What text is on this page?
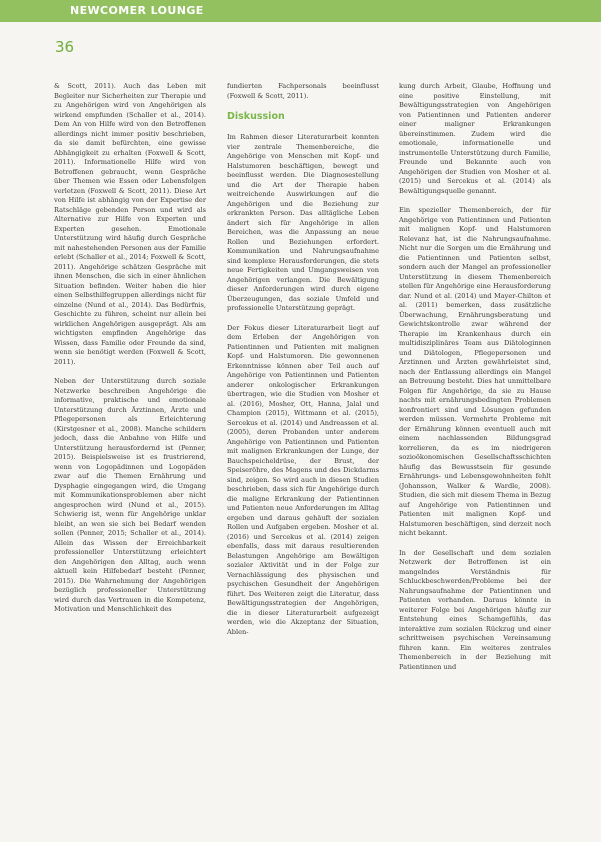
NEWCOMER LOUNGE
36

& Scott, 2011). Auch das Leben mit Begleiter nur Sicherheiten zur Therapie und zu Angehörigen wird von Angehörigen als wirkend empfunden (Schaller et al., 2014). Dem An von Hilfe wird von den Betroffenen allerdings nicht immer positiv beschrieben, da sie damit befürchten, eine gewisse Abhängigkeit zu erhalten (Foxwell & Scott, 2011). Informationelle Hilfe wird von Betroffenen gebraucht, wenn Gespräche über Themen wie Essen oder Lebensfolgen verletzen (Foxwell & Scott, 2011). Diese Art von Hilfe ist abhängig von der Expertise der Ratschläge gebenden Person und wird als Alternative zur Hilfe von Experten und Experten gesehen. Emotionale Unterstützung wird häufig durch Gespräche mit nahestehenden Personen aus der Familie erlebt (Schaller et al., 2014; Foxwell & Scott, 2011). Angehörige schätzen Gespräche mit ihnen Menschen, die sich in einer ähnlichen Situation befinden. Weiter haben die hier einen Selbsthilfegruppen allerdings nicht für einzelne (Nund et al., 2014). Das Bedürfnis, Geschichte zu führen, scheint nur allein bei wirklichen Angehörigen ausgeprägt. Als am wichtigsten empfinden Angehörige das Wissen, dass Familie oder Freunde da sind, wenn sie benötigt werden (Foxwell & Scott, 2011).

Neben der Unterstützung durch soziale Netzwerke beschreiben Angehörige die informative, praktische und emotionale Unterstützung durch Ärztinnen, Ärzte und Pflegepersonen als Erleichterung (Kirstgesner et al., 2008). Manche schildern jedoch, dass die Anbahne von Hilfe und Unterstützung herausfordernd ist (Penner, 2015). Beispielsweise ist es frustrierend, wenn von Logopädinnen und Logopäden zwar auf die Themen Ernährung und Dysphagie eingegangen wird, die Umgang mit Kommunikationsproblemen aber nicht angesprochen wird (Nund et al., 2015). Schwierig ist, wenn für Angehörige unklar bleibt, an wen sie sich bei Bedarf wenden sollen (Penner, 2015; Schaller et al., 2014). Allein das Wissen der Erreichbarkeit professioneller Unterstützung erleichtert den Angehörigen den Alltag, auch wenn aktuell kein Hilfebedarf besteht (Penner, 2015). Die Wahrnehmung der Angehörigen bezüglich professioneller Unterstützung wird durch das Vertrauen in die Kompetenz, Motivation und Menschlichkeit des

fundierten Fachpersonals beeinflusst (Foxwell & Scott, 2011).

Diskussion

Im Rahmen dieser Literaturarbeit konnten vier zentrale Themenbereiche, die Angehörige von Menschen mit Kopf- und Halstumoren beschäftigen, bewegt und beeinflusst werden. Die Diagnosestellung und die Art der Therapie haben weitreichende Auswirkungen auf die Angehörigen und die Beziehung zur erkrankten Person. Das alltägliche Leben ändert sich für Angehörige in allen Bereichen, was die Anpassung an neue Rollen und Beziehungen erfordert. Kommunikation und Nahrungsaufnahme sind komplexe Herausforderungen, die stets neue Fertigkeiten und Umgangsweisen von Angehörigen verlangen. Die Bewältigung dieser Anforderungen wird durch eigene Überzeugungen, das soziale Umfeld und professionelle Unterstützung geprägt.

Der Fokus dieser Literaturarbeit liegt auf dem Erleben der Angehörigen von Patientinnen und Patienten mit malignen Kopf- und Halstumoren. Die gewonnenen Erkenntnisse können aber Teil auch auf Angehörige von Patientinnen und Patienten anderer onkologischer Erkrankungen übertragen, wie die Studien von Mosher et al. (2016), Mosher, Ott, Hanna, Jalal und Champion (2015), Wittmann et al. (2015), Sercekus et al. (2014) und Andreassen et al. (2005), deren Probanden unter anderem Angehörige von Patientinnen und Patienten mit malignen Erkrankungen der Lunge, der Bauchspeicheldrüse, der Brust, der Speiseröhre, des Magens und des Dickdarms sind, zeigen. So wird auch in diesen Studien beschrieben, dass sich für Angehörige durch die maligne Erkrankung der Patientinnen und Patienten neue Anforderungen im Alltag ergeben und daraus gehäuft der sozialen Rollen und Aufgaben ergeben. Mosher et al. (2016) und Sercekus et al. (2014) zeigen ebenfalls, dass mit daraus resultierenden Belastungen Angehörige am Bewältigen sozialer Aktivität und in der Folge zur Vernachlässigung des physischen und psychischen Gesundheit der Angehörigen führt. Des Weiteren zeigt die Literatur, dass Bewältigungsstrategien der Angehörigen, die in dieser Literaturarbeit aufgezeigt werden, wie die Akzeptanz der Situation, Ablen-

kung durch Arbeit, Glaube, Hoffnung und eine positive Einstellung, mit Bewältigungsstrategien von Angehörigen von Patientinnen und Patienten anderer einer maligner Erkrankungen übereinstimmen. Zudem wird die emotionale, informationelle und instrumentelle Unterstützung durch Familie, Freunde und Bekannte auch von Angehörigen der Studien von Mosher et al. (2015) und Sercekus et al. (2014) als Bewältigungsquelle genannt.

Ein spezieller Themenbereich, der für Angehörige von Patientinnen und Patienten mit malignen Kopf- und Halstumoren Relevanz hat, ist die Nahrungsaufnahme. Nicht nur die Sorgen um die Ernährung und die Patientinnen und Patienten selbst, sondern auch der Mangel an professioneller Unterstützung in diesem Themenbereich stellen für Angehörige eine Herausforderung dar. Nund et al. (2014) und Mayer-Chilton et al. (2011) bemerken, dass zusätzliche Überwachung, Ernährungsberatung und Gewichtskontrolle zwar während der Therapie im Krankenhaus durch ein multidisziplinäres Team aus Diätologinnen und Diätologen, Pflegepersonen und Ärztinnen und Ärzten gewährleistet sind, nach der Entlassung allerdings ein Mangel an Betreuung besteht. Dies hat unmittelbare Folgen für Angehörige, da sie zu Hause nachts mit ernährungsbedingten Problemen konfrontiert sind und Lösungen gefunden werden müssen. Vermehrte Probleme mit der Ernährung können eventuell auch mit einem nachlassenden Bildungsgrad korrelieren, da es im niedrigeren sozioökonomischen Gesellschaftsschichten häufig das Bewusstsein für gesunde Ernährungs- und Lebensgewohnheiten fehlt (Johansson, Walker & Wardle, 2008). Studien, die sich mit diesem Thema in Bezug auf Angehörige von Patientinnen und Patienten mit malignen Kopf- und Halstumoren beschäftigen, sind derzeit noch nicht bekannt.

In der Gesellschaft und dem sozialen Netzwerk der Betroffenen ist ein mangelndes Verständnis für Schluckbeschwerden/Probleme bei der Nahrungsaufnahme der Patientinnen und Patienten vorhanden. Daraus könnte in weiterer Folge bei Angehörigen häufig zur Entstehung eines Schamgefühls, das interaktive zum sozialen Rückzug und einer schrittweisen psychischen Vereinsamung führen kann. Ein weiteres zentrales Themenbereich in der Beziehung mit Patientinnen und
